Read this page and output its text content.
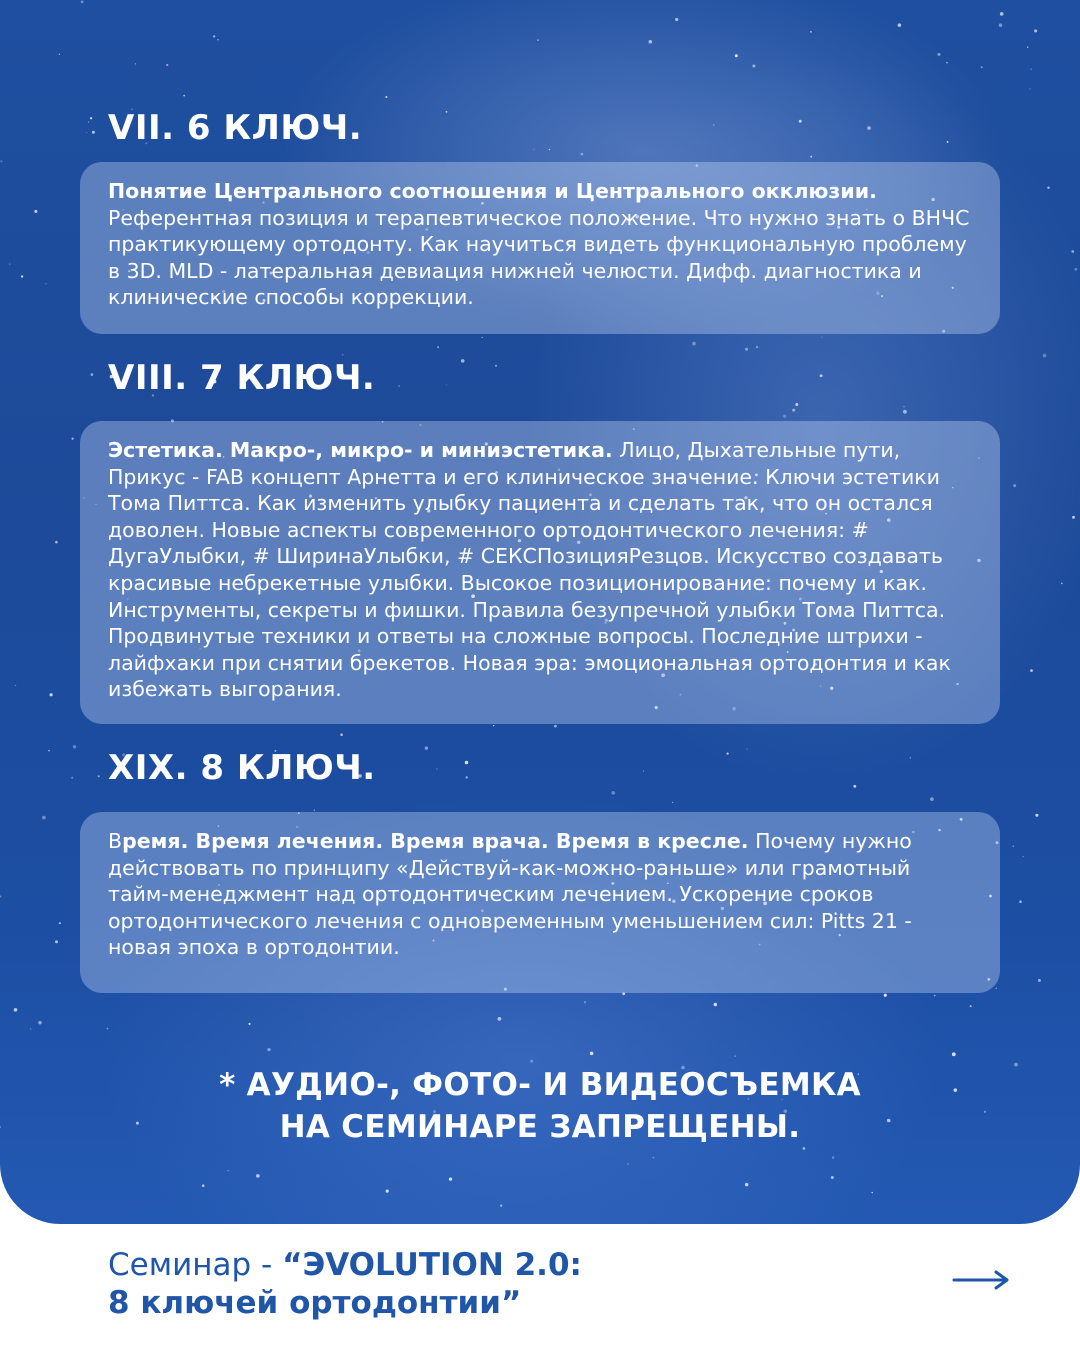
VII. 6 КЛЮЧ.
Понятие Центрального соотношения и Центрального окклюзии. Референтная позиция и терапевтическое положение. Что нужно знать о ВНЧС практикующему ортодонту. Как научиться видеть функциональную проблему в 3D. MLD - латеральная девиация нижней челюсти. Дифф. диагностика и клинические способы коррекции.
VIII. 7 КЛЮЧ.
Эстетика. Макро-, микро- и миниэстетика. Лицо, Дыхательные пути, Прикус - FAB концепт Арнетта и его клиническое значение. Ключи эстетики Тома Питтса. Как изменить улыбку пациента и сделать так, что он остался доволен. Новые аспекты современного ортодонтического лечения: # ДугаУлыбки, # ШиринаУлыбки, # СЕКСПозицияРезцов. Искусство создавать красивые небрекетные улыбки. Высокое позиционирование: почему и как. Инструменты, секреты и фишки. Правила безупречной улыбки Тома Питтса. Продвинутые техники и ответы на сложные вопросы. Последние штрихи - лайфхаки при снятии брекетов. Новая эра: эмоциональная ортодонтия и как избежать выгорания.
XIX. 8 КЛЮЧ.
Время. Время лечения. Время врача. Время в кресле. Почему нужно действовать по принципу «Действуй-как-можно-раньше» или грамотный тайм-менеджмент над ортодонтическим лечением. Ускорение сроков ортодонтического лечения с одновременным уменьшением сил: Pitts 21 - новая эпоха в ортодонтии.
* АУДИО-, ФОТО- И ВИДЕОСЪЕМКА
НА СЕМИНАРЕ ЗАПРЕЩЕНЫ.
Семинар - “ЭVOLUTION 2.0:
8 ключей ортодонтии”
